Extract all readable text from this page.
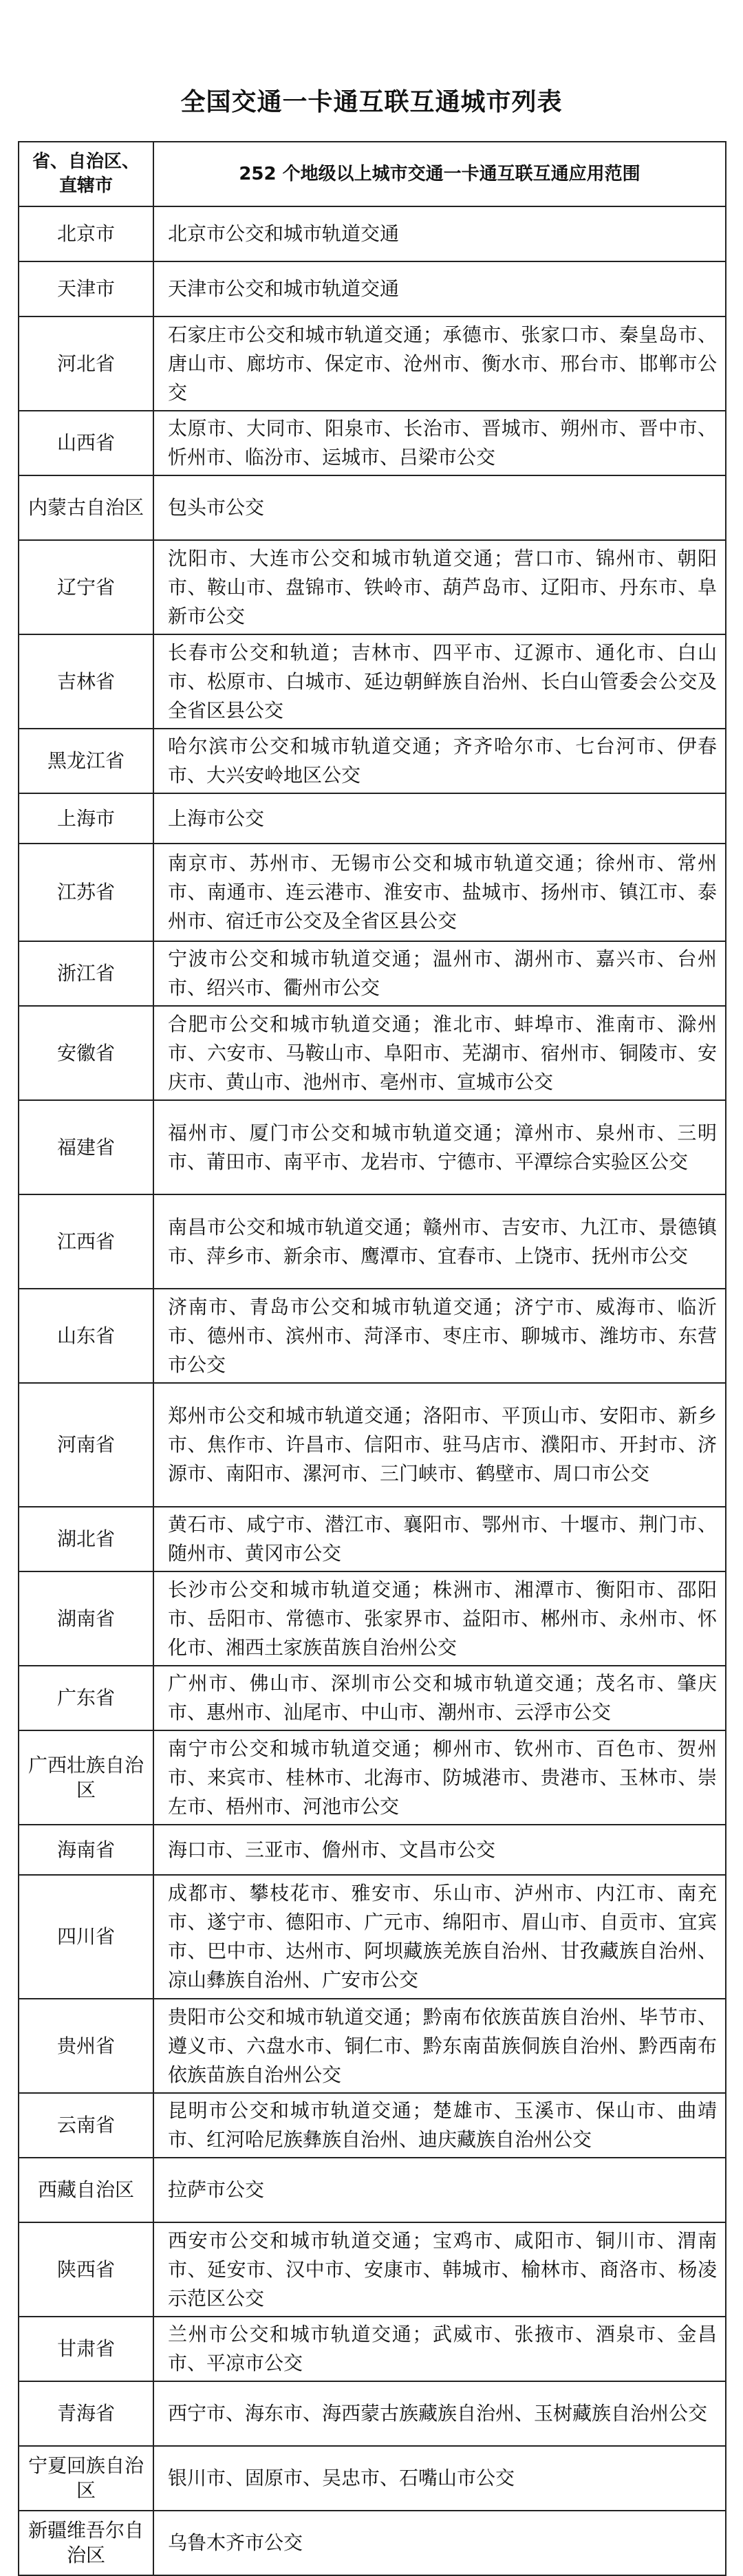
全国交通一卡通互联互通城市列表
省、自治区、直辖市	252 个地级以上城市交通一卡通互联互通应用范围
北京市	北京市公交和城市轨道交通
天津市	天津市公交和城市轨道交通
河北省	石家庄市公交和城市轨道交通；承德市、张家口市、秦皇岛市、唐山市、廊坊市、保定市、沧州市、衡水市、邢台市、邯郸市公交
山西省	太原市、大同市、阳泉市、长治市、晋城市、朔州市、晋中市、忻州市、临汾市、运城市、吕梁市公交
内蒙古自治区	包头市公交
辽宁省	沈阳市、大连市公交和城市轨道交通；营口市、锦州市、朝阳市、鞍山市、盘锦市、铁岭市、葫芦岛市、辽阳市、丹东市、阜新市公交
吉林省	长春市公交和轨道；吉林市、四平市、辽源市、通化市、白山市、松原市、白城市、延边朝鲜族自治州、长白山管委会公交及全省区县公交
黑龙江省	哈尔滨市公交和城市轨道交通；齐齐哈尔市、七台河市、伊春市、大兴安岭地区公交
上海市	上海市公交
江苏省	南京市、苏州市、无锡市公交和城市轨道交通；徐州市、常州市、南通市、连云港市、淮安市、盐城市、扬州市、镇江市、泰州市、宿迁市公交及全省区县公交
浙江省	宁波市公交和城市轨道交通；温州市、湖州市、嘉兴市、台州市、绍兴市、衢州市公交
安徽省	合肥市公交和城市轨道交通；淮北市、蚌埠市、淮南市、滁州市、六安市、马鞍山市、阜阳市、芜湖市、宿州市、铜陵市、安庆市、黄山市、池州市、亳州市、宣城市公交
福建省	福州市、厦门市公交和城市轨道交通；漳州市、泉州市、三明市、莆田市、南平市、龙岩市、宁德市、平潭综合实验区公交
江西省	南昌市公交和城市轨道交通；赣州市、吉安市、九江市、景德镇市、萍乡市、新余市、鹰潭市、宜春市、上饶市、抚州市公交
山东省	济南市、青岛市公交和城市轨道交通；济宁市、威海市、临沂市、德州市、滨州市、菏泽市、枣庄市、聊城市、潍坊市、东营市公交
河南省	郑州市公交和城市轨道交通；洛阳市、平顶山市、安阳市、新乡市、焦作市、许昌市、信阳市、驻马店市、濮阳市、开封市、济源市、南阳市、漯河市、三门峡市、鹤壁市、周口市公交
湖北省	黄石市、咸宁市、潜江市、襄阳市、鄂州市、十堰市、荆门市、随州市、黄冈市公交
湖南省	长沙市公交和城市轨道交通；株洲市、湘潭市、衡阳市、邵阳市、岳阳市、常德市、张家界市、益阳市、郴州市、永州市、怀化市、湘西土家族苗族自治州公交
广东省	广州市、佛山市、深圳市公交和城市轨道交通；茂名市、肇庆市、惠州市、汕尾市、中山市、潮州市、云浮市公交
广西壮族自治区	南宁市公交和城市轨道交通；柳州市、钦州市、百色市、贺州市、来宾市、桂林市、北海市、防城港市、贵港市、玉林市、崇左市、梧州市、河池市公交
海南省	海口市、三亚市、儋州市、文昌市公交
四川省	成都市、攀枝花市、雅安市、乐山市、泸州市、内江市、南充市、遂宁市、德阳市、广元市、绵阳市、眉山市、自贡市、宜宾市、巴中市、达州市、阿坝藏族羌族自治州、甘孜藏族自治州、凉山彝族自治州、广安市公交
贵州省	贵阳市公交和城市轨道交通；黔南布依族苗族自治州、毕节市、遵义市、六盘水市、铜仁市、黔东南苗族侗族自治州、黔西南布依族苗族自治州公交
云南省	昆明市公交和城市轨道交通；楚雄市、玉溪市、保山市、曲靖市、红河哈尼族彝族自治州、迪庆藏族自治州公交
西藏自治区	拉萨市公交
陕西省	西安市公交和城市轨道交通；宝鸡市、咸阳市、铜川市、渭南市、延安市、汉中市、安康市、韩城市、榆林市、商洛市、杨凌示范区公交
甘肃省	兰州市公交和城市轨道交通；武威市、张掖市、酒泉市、金昌市、平凉市公交
青海省	西宁市、海东市、海西蒙古族藏族自治州、玉树藏族自治州公交
宁夏回族自治区	银川市、固原市、吴忠市、石嘴山市公交
新疆维吾尔自治区	乌鲁木齐市公交
